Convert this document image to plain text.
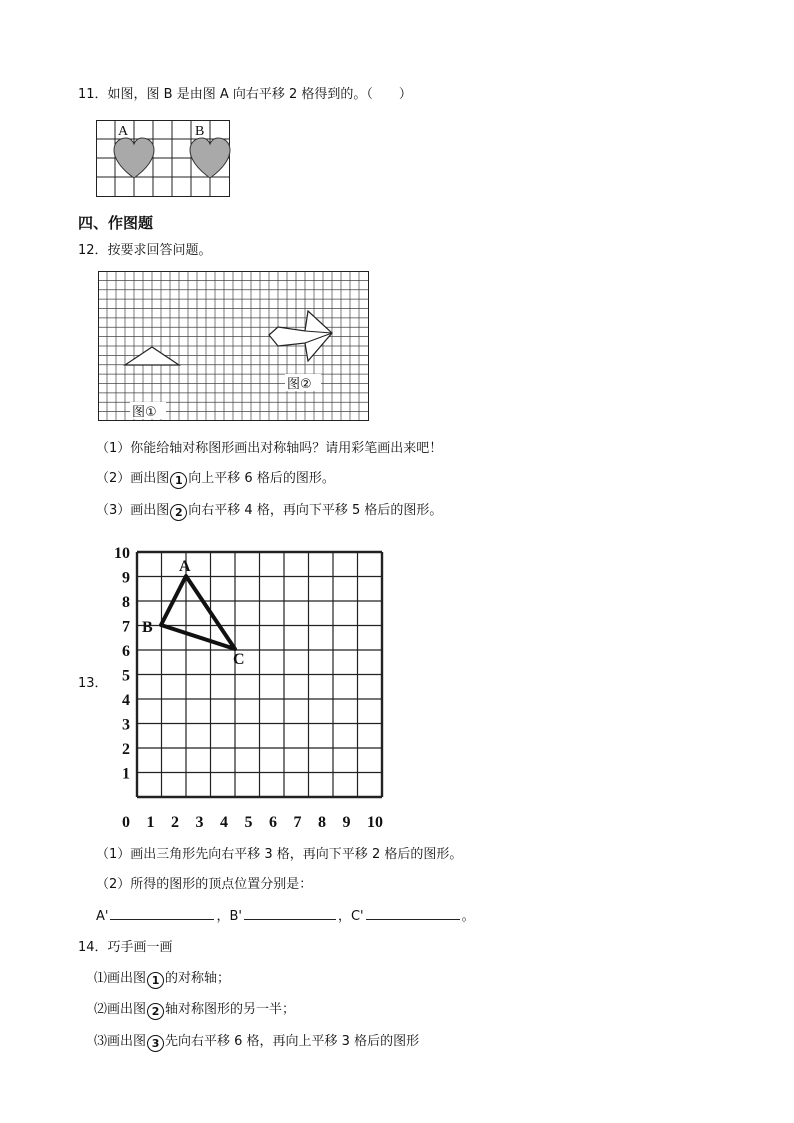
11．如图，图 B 是由图 A 向右平移 2 格得到的。（　　）
A	B
四、作图题
12．按要求回答问题。
图②
图①
（1）你能给轴对称图形画出对称轴吗？请用彩笔画出来吧！
（2）画出图 1 向上平移 6 格后的图形。
（3）画出图 2 向右平移 4 格，再向下平移 5 格后的图形。
13．
10
9
8
7
6
5
4
3
2
1
0 1 2 3 4 5 6 7 8 9 10
A
B
C
（1）画出三角形先向右平移 3 格，再向下平移 2 格后的图形。
（2）所得的图形的顶点位置分别是：
A'	，B'	，C'	。
14．巧手画一画
⑴画出图 1 的对称轴；
⑵画出图 2 轴对称图形的另一半；
⑶画出图 3 先向右平移 6 格，再向上平移 3 格后的图形
